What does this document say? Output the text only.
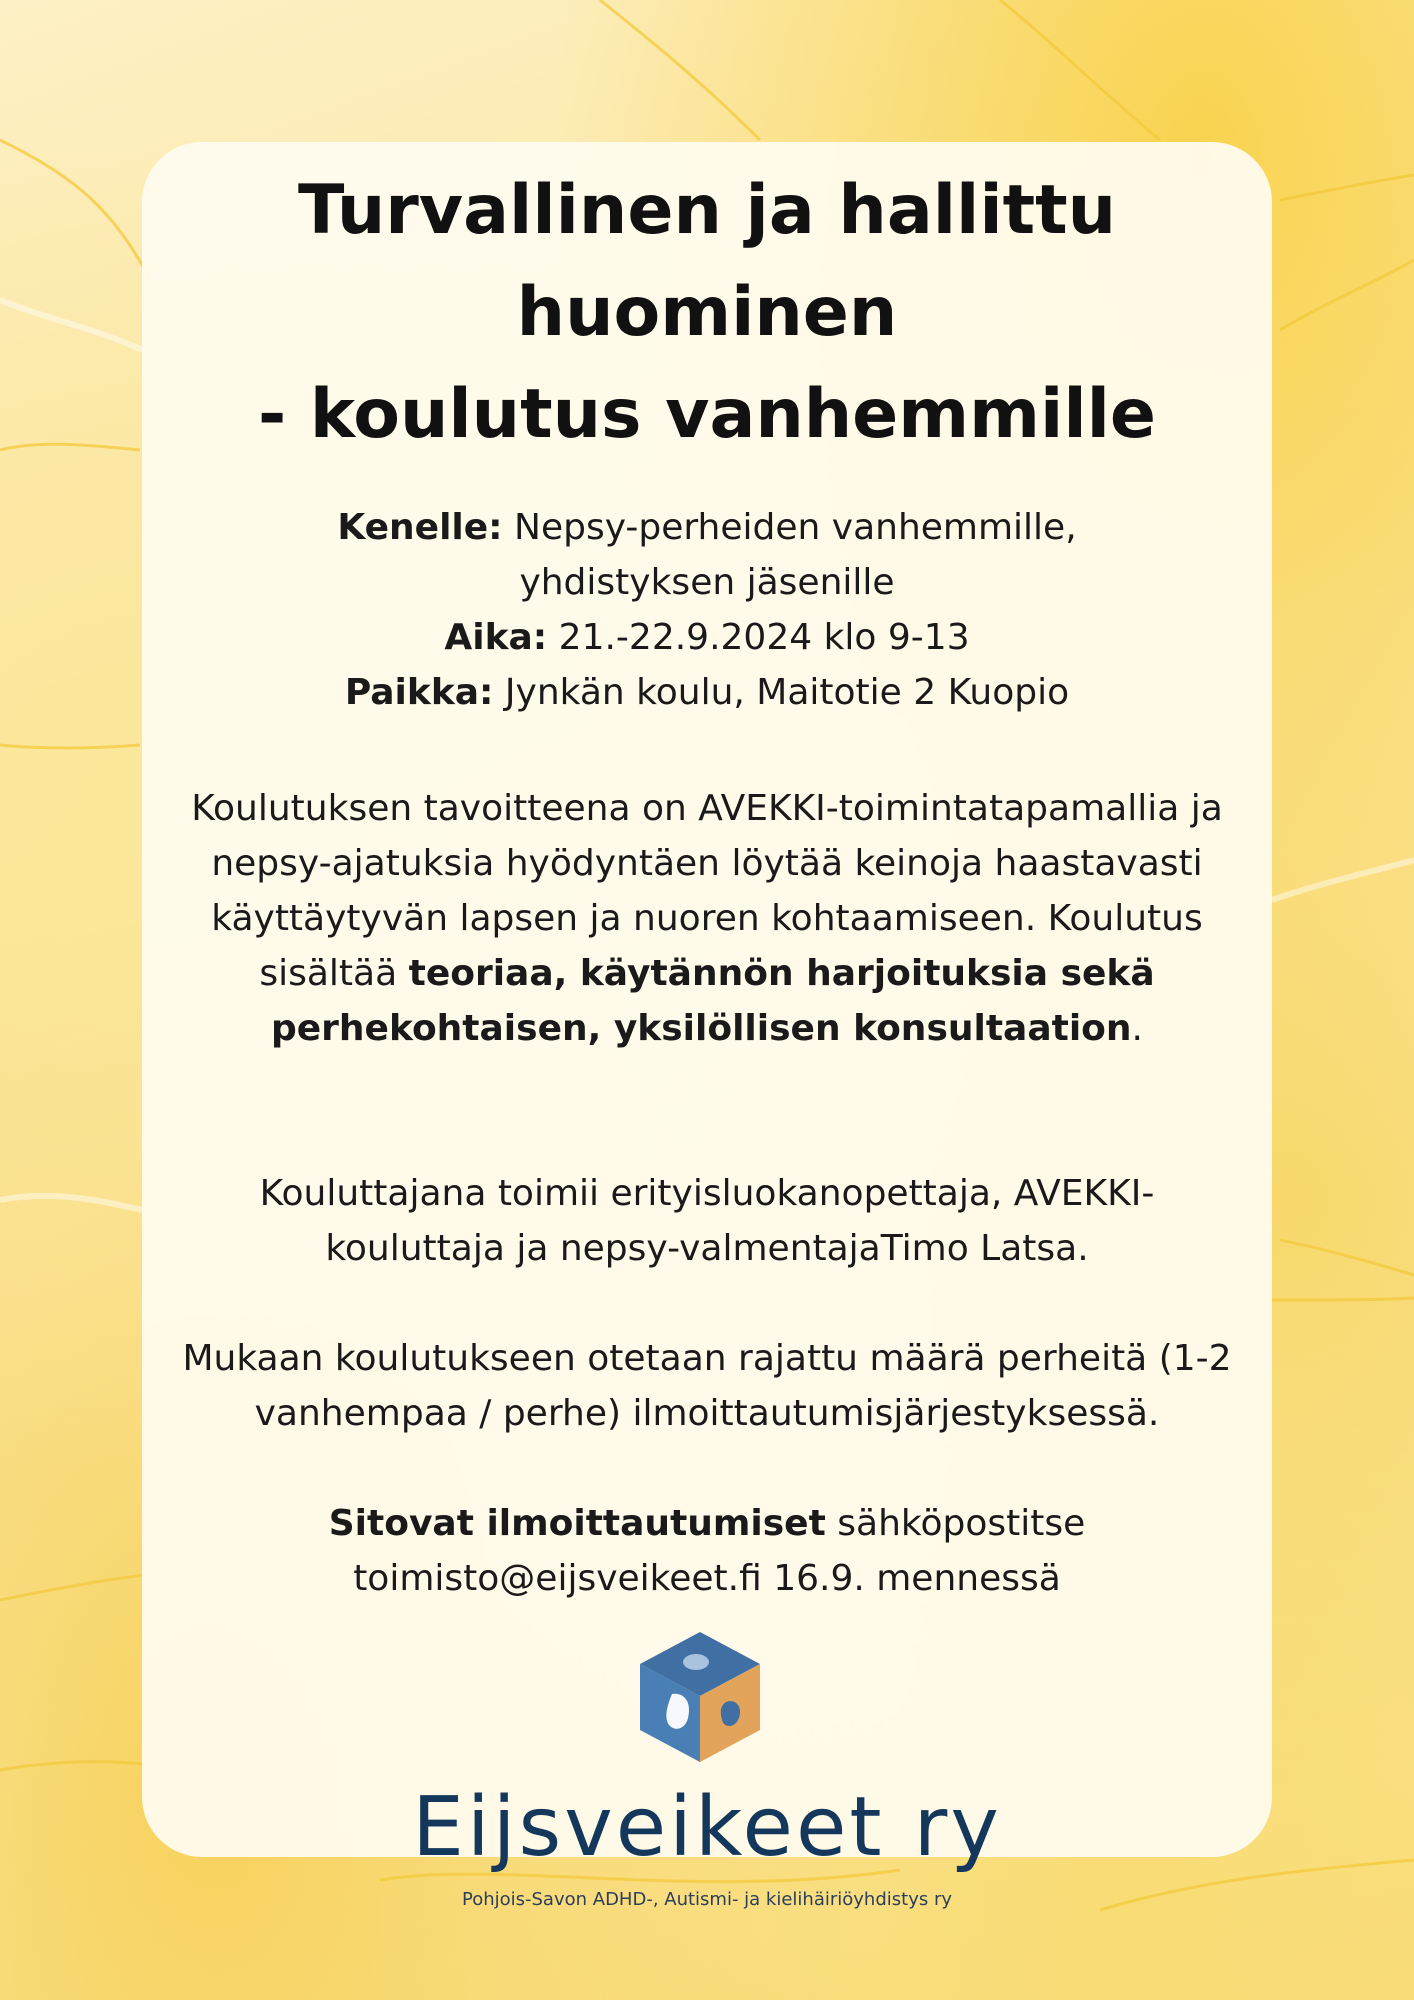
Turvallinen ja hallittu
huominen
- koulutus vanhemmille
Kenelle: Nepsy-perheiden vanhemmille,
yhdistyksen jäsenille
Aika: 21.-22.9.2024 klo 9-13
Paikka: Jynkän koulu, Maitotie 2 Kuopio

Koulutuksen tavoitteena on AVEKKI-toimintatapamallia ja nepsy-ajatuksia hyödyntäen löytää keinoja haastavasti käyttäytyvän lapsen ja nuoren kohtaamiseen. Koulutus sisältää teoriaa, käytännön harjoituksia sekä perhekohtaisen, yksilöllisen konsultaation.

Kouluttajana toimii erityisluokanopettaja, AVEKKI-kouluttaja ja nepsy-valmentajaTimo Latsa.

Mukaan koulutukseen otetaan rajattu määrä perheitä (1-2 vanhempaa / perhe) ilmoittautumisjärjestyksessä.

Sitovat ilmoittautumiset sähköpostitse toimisto@eijsveikeet.fi 16.9. mennessä

Eijsveikeet ry
Pohjois-Savon ADHD-, Autismi- ja kielihäiriöyhdistys ry
